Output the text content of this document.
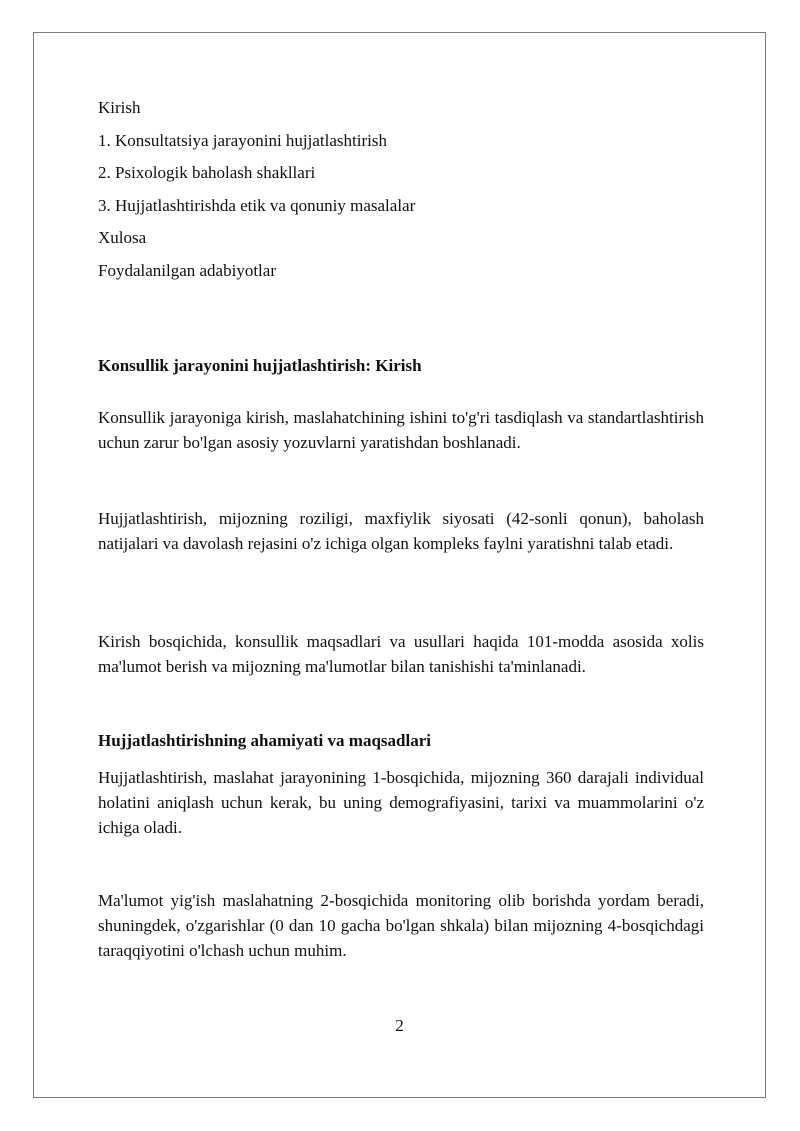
Kirish
1. Konsultatsiya jarayonini hujjatlashtirish
2. Psixologik baholash shakllari
3. Hujjatlashtirishda etik va qonuniy masalalar
Xulosa
Foydalanilgan adabiyotlar
Konsullik jarayonini hujjatlashtirish: Kirish

Konsullik jarayoniga kirish, maslahatchining ishini to'g'ri tasdiqlash va standartlashtirish uchun zarur bo'lgan asosiy yozuvlarni yaratishdan boshlanadi.

Hujjatlashtirish, mijozning roziligi, maxfiylik siyosati (42-sonli qonun), baholash natijalari va davolash rejasini o'z ichiga olgan kompleks faylni yaratishni talab etadi.

Kirish bosqichida, konsullik maqsadlari va usullari haqida 101-modda asosida xolis ma'lumot berish va mijozning ma'lumotlar bilan tanishishi ta'minlanadi.

Hujjatlashtirishning ahamiyati va maqsadlari

Hujjatlashtirish, maslahat jarayonining 1-bosqichida, mijozning 360 darajali individual holatini aniqlash uchun kerak, bu uning demografiyasini, tarixi va muammolarini o'z ichiga oladi.

Ma'lumot yig'ish maslahatning 2-bosqichida monitoring olib borishda yordam beradi, shuningdek, o'zgarishlar (0 dan 10 gacha bo'lgan shkala) bilan mijozning 4-bosqichdagi taraqqiyotini o'lchash uchun muhim.

2
